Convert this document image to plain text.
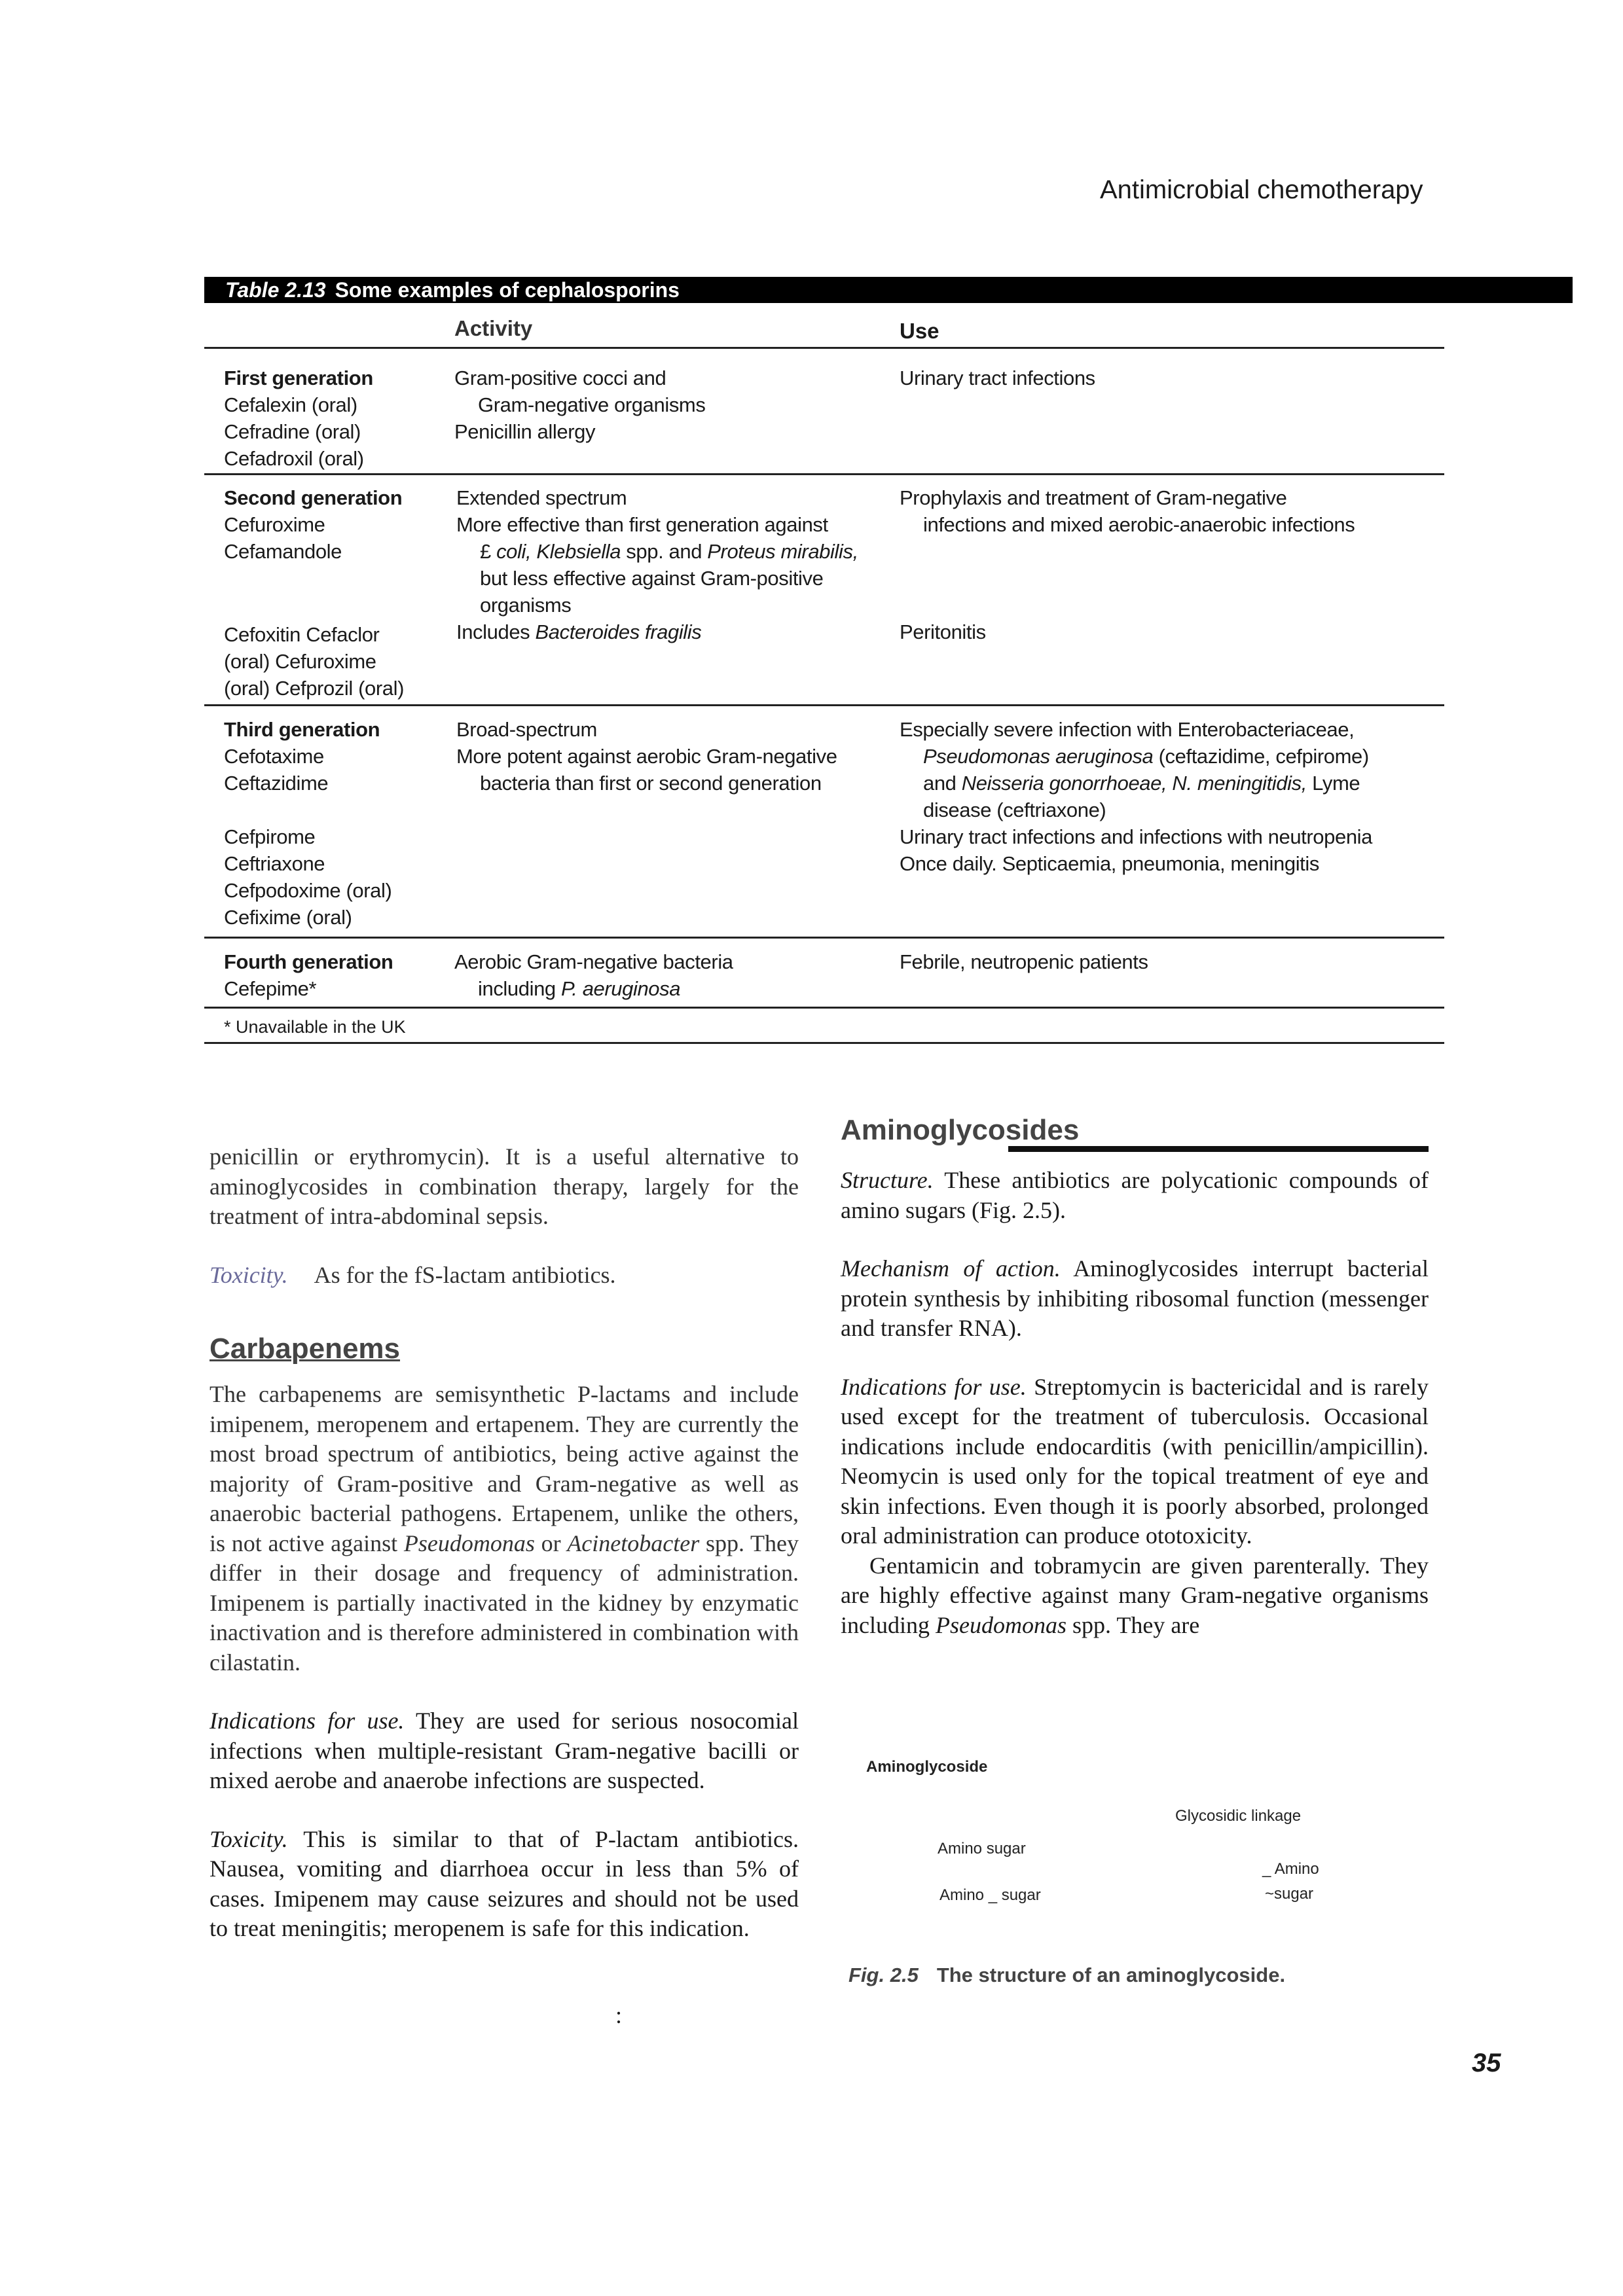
Antimicrobial chemotherapy
Table 2.13 Some examples of cephalosporins
Activity	Use
First generation
Cefalexin (oral)
Cefradine (oral)
Cefadroxil (oral)
Gram-positive cocci and
Gram-negative organisms
Penicillin allergy
Urinary tract infections
Second generation
Cefuroxime
Cefamandole
Extended spectrum
More effective than first generation against
£ coli, Klebsiella spp. and Proteus mirabilis,
but less effective against Gram-positive
organisms
Prophylaxis and treatment of Gram-negative
infections and mixed aerobic-anaerobic infections
Cefoxitin Cefaclor
(oral) Cefuroxime
(oral) Cefprozil (oral)
Includes Bacteroides fragilis	Peritonitis
Third generation
Cefotaxime
Ceftazidime

Cefpirome
Ceftriaxone
Cefpodoxime (oral)
Cefixime (oral)
Broad-spectrum
More potent against aerobic Gram-negative
bacteria than first or second generation
Especially severe infection with Enterobacteriaceae,
Pseudomonas aeruginosa (ceftazidime, cefpirome)
and Neisseria gonorrhoeae, N. meningitidis, Lyme
disease (ceftriaxone)
Urinary tract infections and infections with neutropenia
Once daily. Septicaemia, pneumonia, meningitis
Fourth generation
Cefepime*
Aerobic Gram-negative bacteria
including P. aeruginosa
Febrile, neutropenic patients
* Unavailable in the UK

penicillin or erythromycin). It is a useful alternative to aminoglycosides in combination therapy, largely for the treatment of intra-abdominal sepsis.

Toxicity. As for the fS-lactam antibiotics.

Carbapenems

The carbapenems are semisynthetic P-lactams and include imipenem, meropenem and ertapenem. They are currently the most broad spectrum of antibiotics, being active against the majority of Gram-positive and Gram-negative as well as anaerobic bacterial pathogens. Ertapenem, unlike the others, is not active against Pseudomonas or Acinetobacter spp. They differ in their dosage and frequency of administration. Imipenem is partially inactivated in the kidney by enzymatic inactivation and is therefore administered in combination with cilastatin.

Indications for use. They are used for serious nosocomial infections when multiple-resistant Gram-negative bacilli or mixed aerobe and anaerobe infections are suspected.

Toxicity. This is similar to that of P-lactam antibiotics. Nausea, vomiting and diarrhoea occur in less than 5% of cases. Imipenem may cause seizures and should not be used to treat meningitis; meropenem is safe for this indication.

:
Aminoglycosides

Structure. These antibiotics are polycationic compounds of amino sugars (Fig. 2.5).

Mechanism of action. Aminoglycosides interrupt bacterial protein synthesis by inhibiting ribosomal function (messenger and transfer RNA).

Indications for use. Streptomycin is bactericidal and is rarely used except for the treatment of tuberculosis. Occasional indications include endocarditis (with penicillin/ampicillin). Neomycin is used only for the topical treatment of eye and skin infections. Even though it is poorly absorbed, prolonged oral administration can produce ototoxicity.

Gentamicin and tobramycin are given parenterally. They are highly effective against many Gram-negative organisms including Pseudomonas spp. They are

Aminoglycoside
Glycosidic linkage
Amino sugar
_ Amino
~sugar
Amino _ sugar
Fig. 2.5 The structure of an aminoglycoside.
35
